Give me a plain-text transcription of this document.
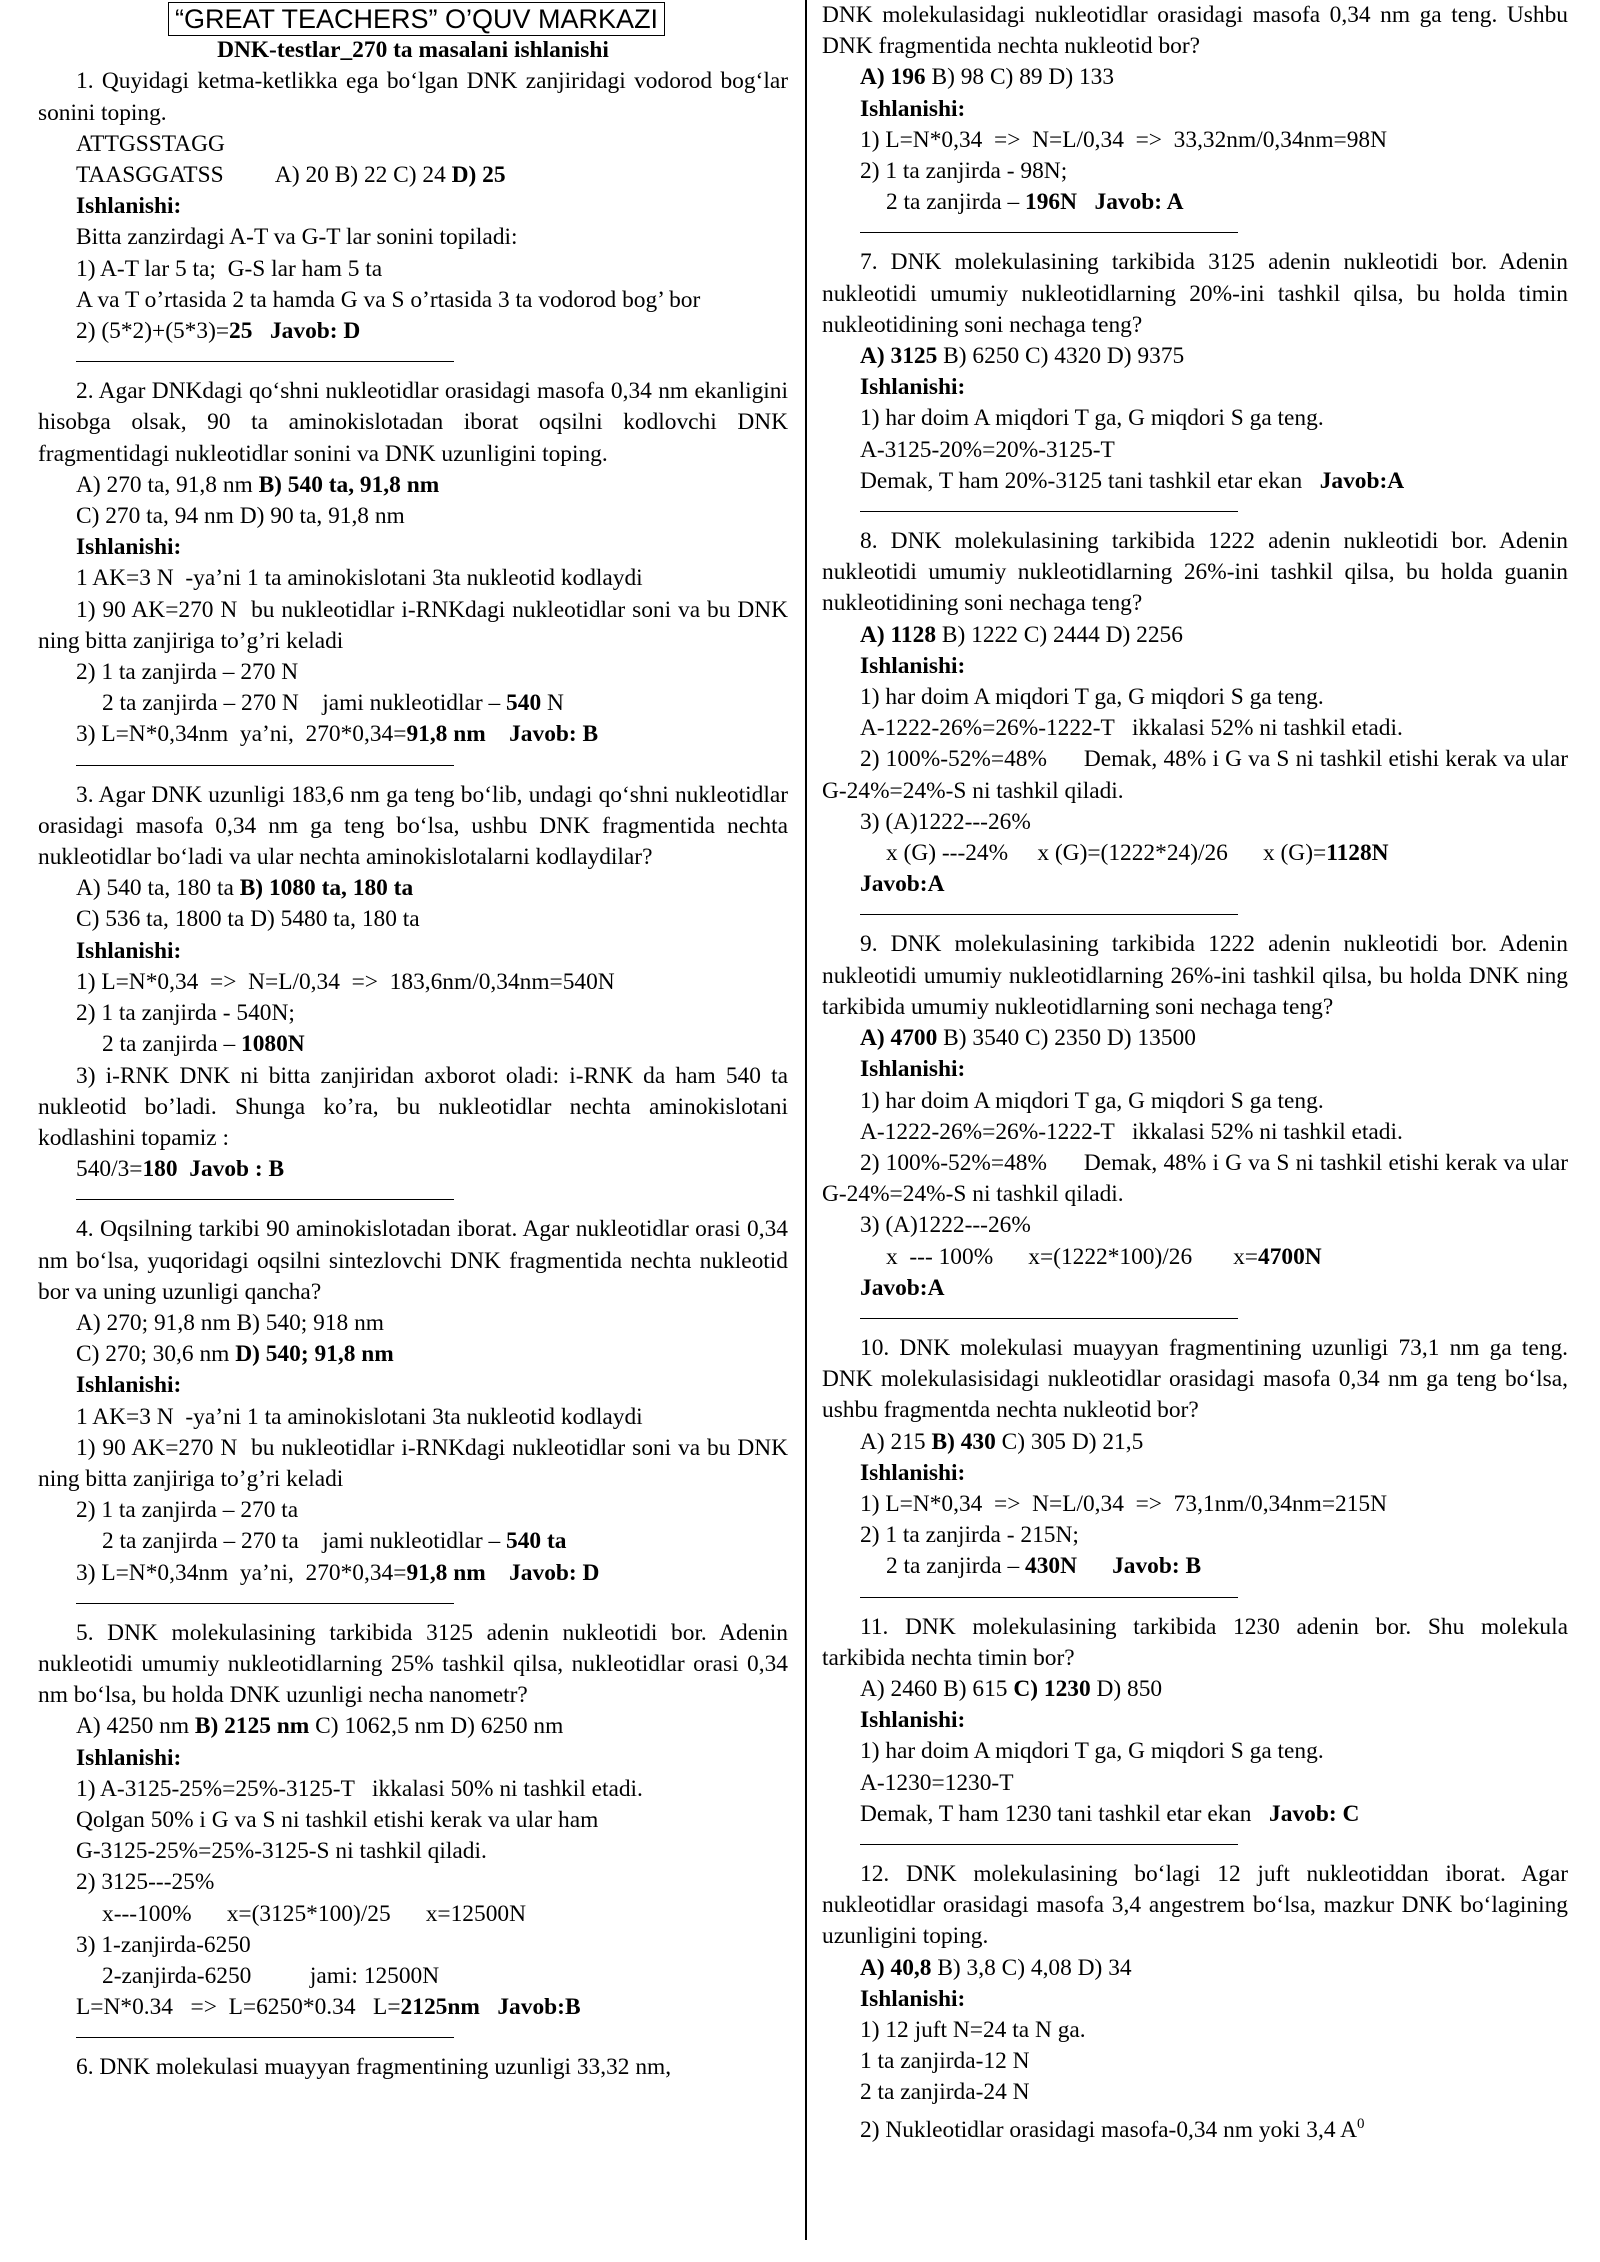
“GREAT TEACHERS” O’QUV MARKAZI

DNK-testlar_270 ta masalani ishlanishi

1. Quyidagi ketma-ketlikka ega bo‘lgan DNK zanjiridagi vodorod bog‘lar sonini toping.
ATTGSSTAGG
TAASGGATSS         A) 20 B) 22 C) 24 D) 25
Ishlanishi:
Bitta zanzirdagi A-T va G-T lar sonini topiladi:
1) A-T lar 5 ta;  G-S lar ham 5 ta
A va T o’rtasida 2 ta hamda G va S o’rtasida 3 ta vodorod bog’ bor
2) (5*2)+(5*3)=25 Javob: D
2. Agar DNKdagi qo‘shni nukleotidlar orasidagi masofa 0,34 nm ekanligini hisobga olsak, 90 ta aminokislotadan iborat oqsilni kodlovchi DNK fragmentidagi nukleotidlar sonini va DNK uzunligini toping.
A) 270 ta, 91,8 nm B) 540 ta, 91,8 nm
C) 270 ta, 94 nm D) 90 ta, 91,8 nm
Ishlanishi:
1 AK=3 N  -ya’ni 1 ta aminokislotani 3ta nukleotid kodlaydi
1) 90 AK=270 N  bu nukleotidlar i-RNKdagi nukleotidlar soni va bu DNK ning bitta zanjiriga to’g’ri keladi
2) 1 ta zanjirda – 270 N
2 ta zanjirda – 270 N    jami nukleotidlar – 540 N
3) L=N*0,34nm  ya’ni,  270*0,34=91,8 nm Javob: B
3. Agar DNK uzunligi 183,6 nm ga teng bo‘lib, undagi qo‘shni nukleotidlar orasidagi masofa 0,34 nm ga teng bo‘lsa, ushbu DNK fragmentida nechta nukleotidlar bo‘ladi va ular nechta aminokislotalarni kodlaydilar?
A) 540 ta, 180 ta B) 1080 ta, 180 ta
C) 536 ta, 1800 ta D) 5480 ta, 180 ta
Ishlanishi:
1) L=N*0,34  =>  N=L/0,34  =>  183,6nm/0,34nm=540N
2) 1 ta zanjirda - 540N;
2 ta zanjirda – 1080N
3) i-RNK DNK ni bitta zanjiridan axborot oladi: i-RNK da ham 540 ta nukleotid bo’ladi. Shunga ko’ra, bu nukleotidlar nechta aminokislotani kodlashini topamiz :
540/3=180  Javob : B
4. Oqsilning tarkibi 90 aminokislotadan iborat. Agar nukleotidlar orasi 0,34 nm bo‘lsa, yuqoridagi oqsilni sintezlovchi DNK fragmentida nechta nukleotid bor va uning uzunligi qancha?
A) 270; 91,8 nm B) 540; 918 nm
C) 270; 30,6 nm D) 540; 91,8 nm
Ishlanishi:
1 AK=3 N  -ya’ni 1 ta aminokislotani 3ta nukleotid kodlaydi
1) 90 AK=270 N  bu nukleotidlar i-RNKdagi nukleotidlar soni va bu DNK ning bitta zanjiriga to’g’ri keladi
2) 1 ta zanjirda – 270 ta
2 ta zanjirda – 270 ta    jami nukleotidlar – 540 ta
3) L=N*0,34nm  ya’ni,  270*0,34=91,8 nm Javob: D
5. DNK molekulasining tarkibida 3125 adenin nukleotidi bor. Adenin nukleotidi umumiy nukleotidlarning 25% tashkil qilsa, nukleotidlar orasi 0,34 nm bo‘lsa, bu holda DNK uzunligi necha nanometr?
A) 4250 nm B) 2125 nm C) 1062,5 nm D) 6250 nm
Ishlanishi:
1) A-3125-25%=25%-3125-T   ikkalasi 50% ni tashkil etadi.
Qolgan 50% i G va S ni tashkil etishi kerak va ular ham
G-3125-25%=25%-3125-S ni tashkil qiladi.
2) 3125---25%
x---100%      x=(3125*100)/25      x=12500N
3) 1-zanjirda-6250
2-zanjirda-6250          jami: 12500N
L=N*0.34   =>  L=6250*0.34   L=2125nm   Javob:B
6. DNK molekulasi muayyan fragmentining uzunligi 33,32 nm,
DNK molekulasidagi nukleotidlar orasidagi masofa 0,34 nm ga teng. Ushbu DNK fragmentida nechta nukleotid bor?
A) 196 B) 98 C) 89 D) 133
Ishlanishi:
1) L=N*0,34  =>  N=L/0,34  =>  33,32nm/0,34nm=98N
2) 1 ta zanjirda - 98N;
2 ta zanjirda – 196N   Javob: A
7. DNK molekulasining tarkibida 3125 adenin nukleotidi bor. Adenin nukleotidi umumiy nukleotidlarning 20%-ini tashkil qilsa, bu holda timin nukleotidining soni nechaga teng?
A) 3125 B) 6250 C) 4320 D) 9375
Ishlanishi:
1) har doim A miqdori T ga, G miqdori S ga teng.
A-3125-20%=20%-3125-T
Demak, T ham 20%-3125 tani tashkil etar ekan   Javob:A
8. DNK molekulasining tarkibida 1222 adenin nukleotidi bor. Adenin nukleotidi umumiy nukleotidlarning 26%-ini tashkil qilsa, bu holda guanin nukleotidining soni nechaga teng?
A) 1128 B) 1222 C) 2444 D) 2256
Ishlanishi:
1) har doim A miqdori T ga, G miqdori S ga teng.
A-1222-26%=26%-1222-T   ikkalasi 52% ni tashkil etadi.
2) 100%-52%=48%      Demak, 48% i G va S ni tashkil etishi kerak va ular   G-24%=24%-S ni tashkil qiladi.
3) (A)1222---26%
x (G) ---24%     x (G)=(1222*24)/26      x (G)=1128N
Javob:A
9. DNK molekulasining tarkibida 1222 adenin nukleotidi bor. Adenin nukleotidi umumiy nukleotidlarning 26%-ini tashkil qilsa, bu holda DNK ning tarkibida umumiy nukleotidlarning soni nechaga teng?
A) 4700 B) 3540 C) 2350 D) 13500
Ishlanishi:
1) har doim A miqdori T ga, G miqdori S ga teng.
A-1222-26%=26%-1222-T   ikkalasi 52% ni tashkil etadi.
2) 100%-52%=48%      Demak, 48% i G va S ni tashkil etishi kerak va ular   G-24%=24%-S ni tashkil qiladi.
3) (A)1222---26%
x  --- 100%      x=(1222*100)/26       x=4700N
Javob:A
10. DNK molekulasi muayyan fragmentining uzunligi 73,1 nm ga teng. DNK molekulasisidagi nukleotidlar orasidagi masofa 0,34 nm ga teng bo‘lsa, ushbu fragmentda nechta nukleotid bor?
A) 215 B) 430 C) 305 D) 21,5
Ishlanishi:
1) L=N*0,34  =>  N=L/0,34  =>  73,1nm/0,34nm=215N
2) 1 ta zanjirda - 215N;
2 ta zanjirda – 430N      Javob: B
11. DNK molekulasining tarkibida 1230 adenin bor. Shu molekula tarkibida nechta timin bor?
A) 2460 B) 615 C) 1230 D) 850
Ishlanishi:
1) har doim A miqdori T ga, G miqdori S ga teng.
A-1230=1230-T
Demak, T ham 1230 tani tashkil etar ekan   Javob: C
12. DNK molekulasining bo‘lagi 12 juft nukleotiddan iborat. Agar nukleotidlar orasidagi masofa 3,4 angestrem bo‘lsa, mazkur DNK bo‘lagining uzunligini toping.
A) 40,8 B) 3,8 C) 4,08 D) 34
Ishlanishi:
1) 12 juft N=24 ta N ga.
1 ta zanjirda-12 N
2 ta zanjirda-24 N
2) Nukleotidlar orasidagi masofa-0,34 nm yoki 3,4 $A^0$
